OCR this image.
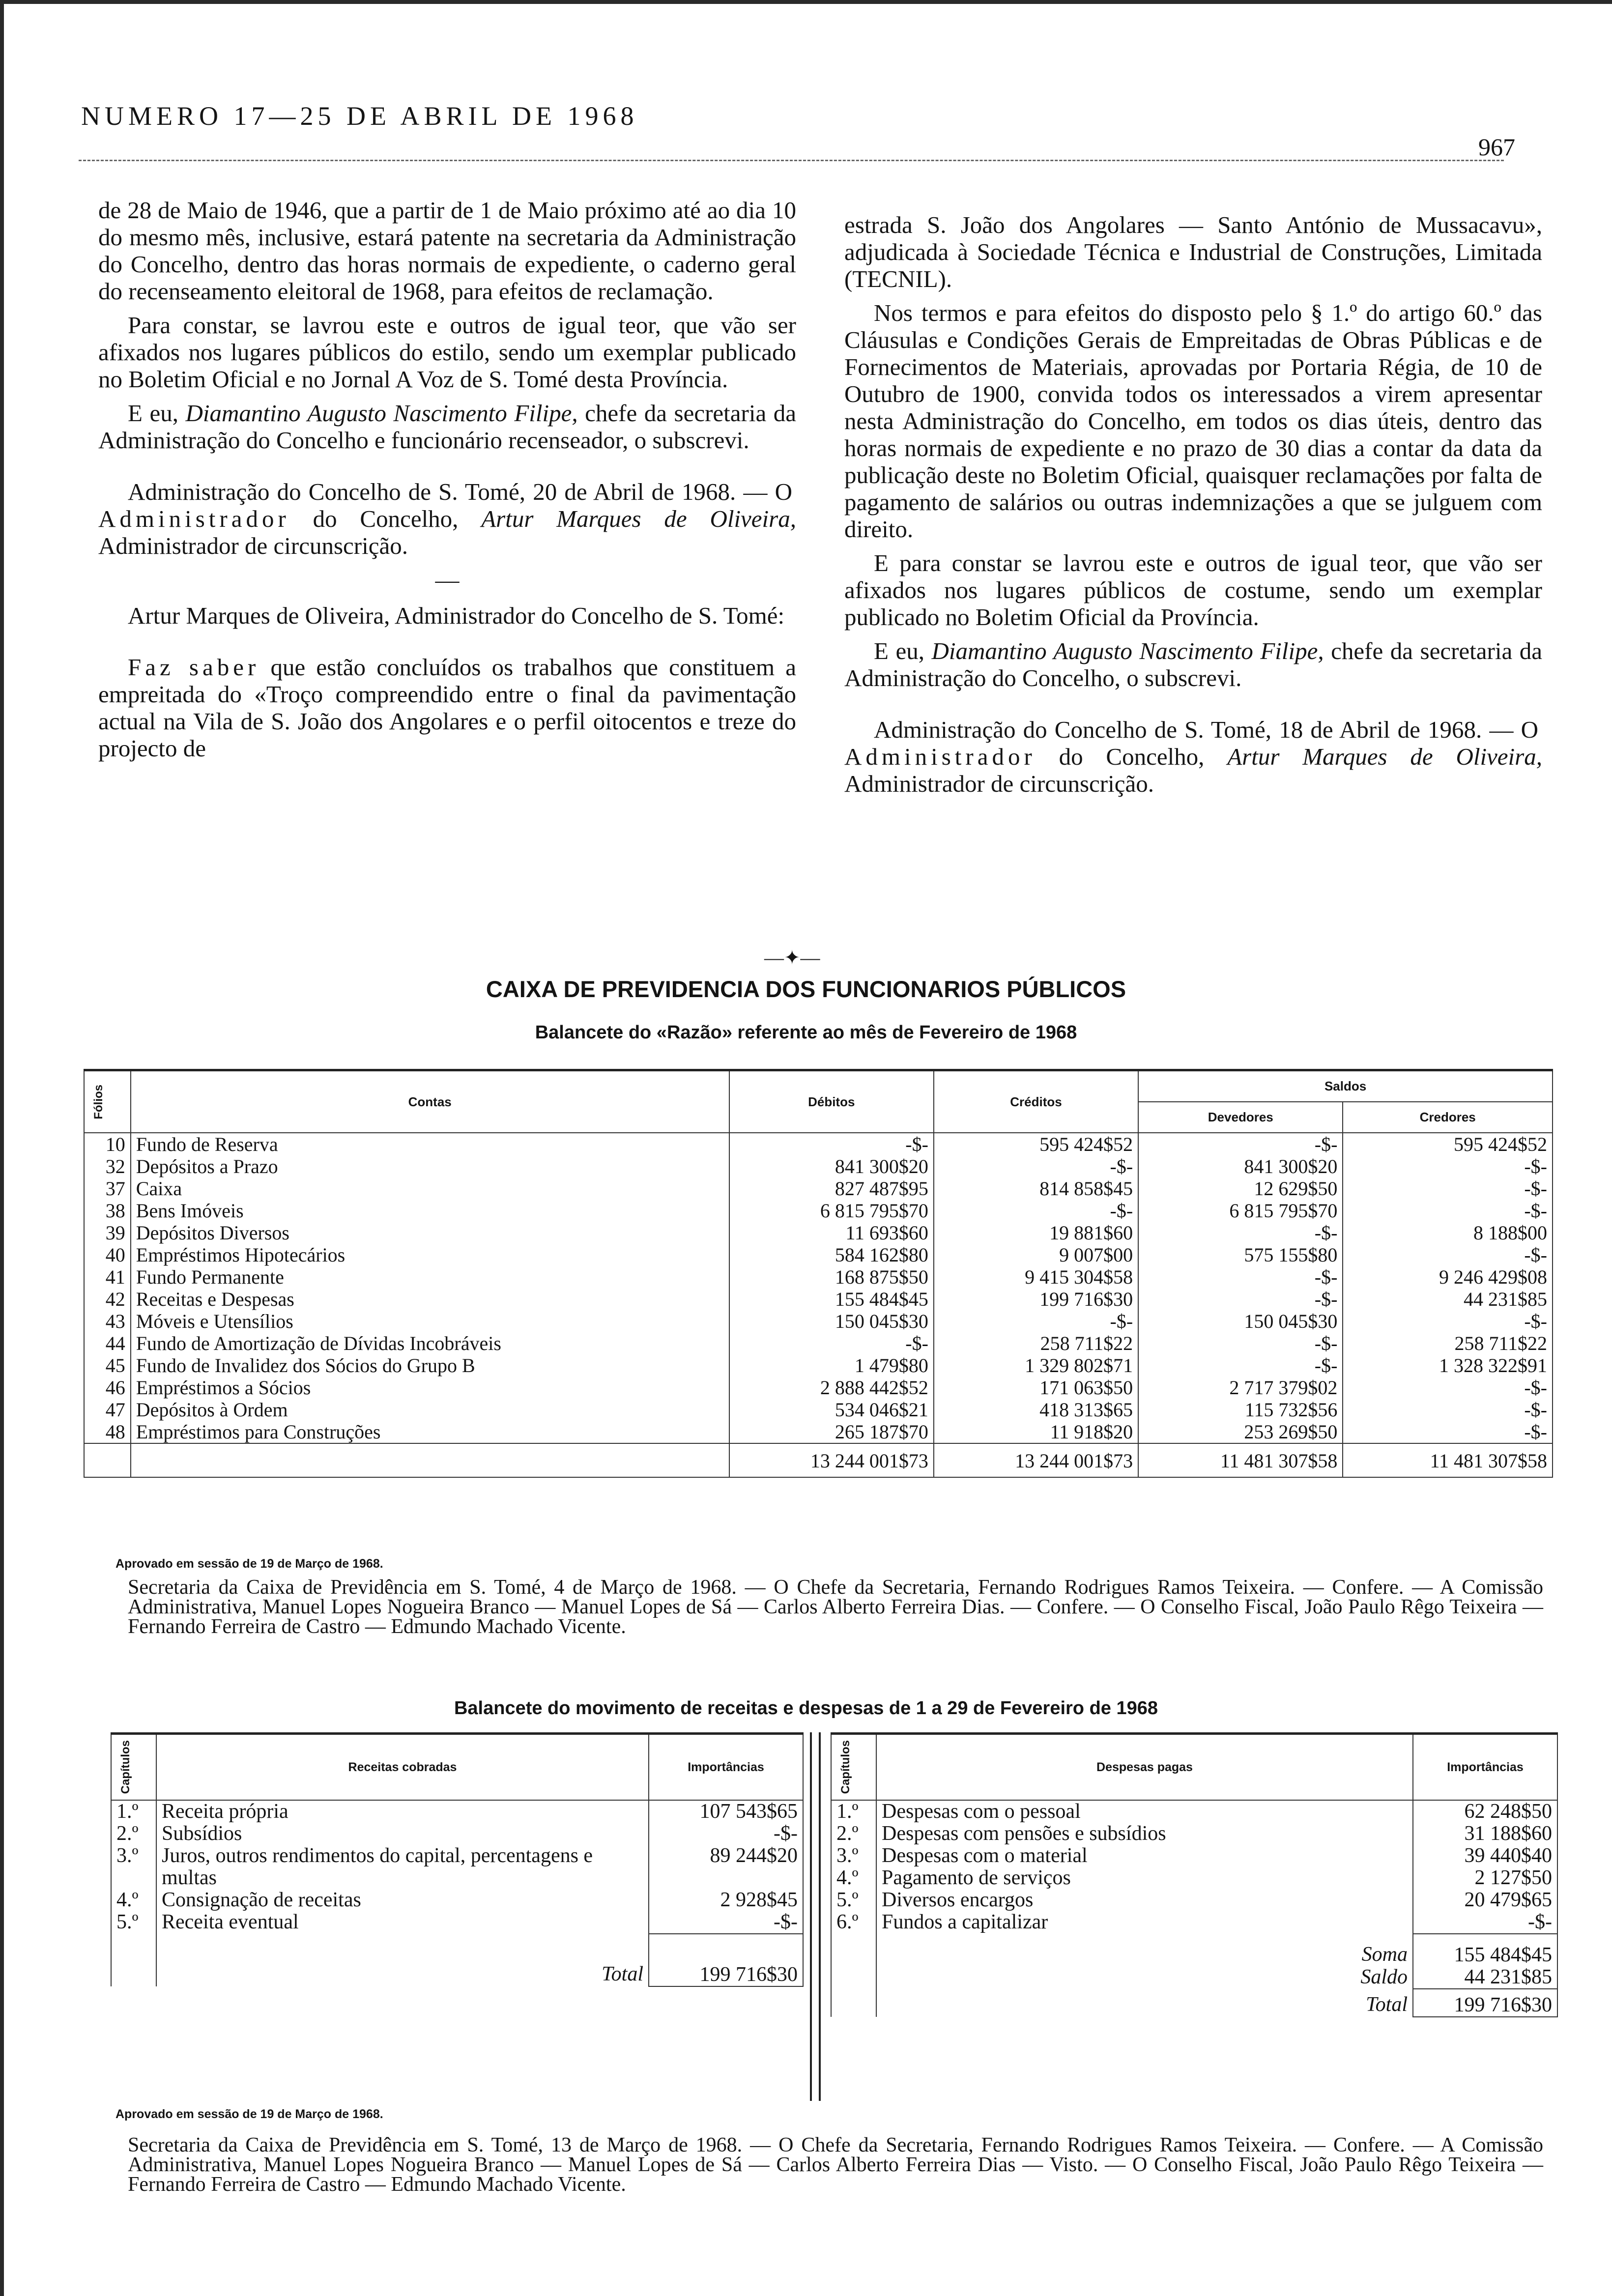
NUMERO 17—25 DE ABRIL DE 1968
967

de 28 de Maio de 1946, que a partir de 1 de Maio próximo até ao dia 10 do mesmo mês, inclusive, estará patente na secretaria da Administração do Concelho, dentro das horas normais de expediente, o caderno geral do recenseamento eleitoral de 1968, para efeitos de reclamação.

Para constar, se lavrou este e outros de igual teor, que vão ser afixados nos lugares públicos do estilo, sendo um exemplar publicado no Boletim Oficial e no Jornal A Voz de S. Tomé desta Província.

E eu, Diamantino Augusto Nascimento Filipe, chefe da secretaria da Administração do Concelho e funcionário recenseador, o subscrevi.

Administração do Concelho de S. Tomé, 20 de Abril de 1968. — O Administrador do Concelho, Artur Marques de Oliveira, Administrador de circunscrição.

—

Artur Marques de Oliveira, Administrador do Concelho de S. Tomé:

Faz saber que estão concluídos os trabalhos que constituem a empreitada do «Troço compreendido entre o final da pavimentação actual na Vila de S. João dos Angolares e o perfil oitocentos e treze do projecto de

estrada S. João dos Angolares — Santo António de Mussacavu», adjudicada à Sociedade Técnica e Industrial de Construções, Limitada (TECNIL).

Nos termos e para efeitos do disposto pelo § 1.º do artigo 60.º das Cláusulas e Condições Gerais de Empreitadas de Obras Públicas e de Fornecimentos de Materiais, aprovadas por Portaria Régia, de 10 de Outubro de 1900, convida todos os interessados a virem apresentar nesta Administração do Concelho, em todos os dias úteis, dentro das horas normais de expediente e no prazo de 30 dias a contar da data da publicação deste no Boletim Oficial, quaisquer reclamações por falta de pagamento de salários ou outras indemnizações a que se julguem com direito.

E para constar se lavrou este e outros de igual teor, que vão ser afixados nos lugares públicos de costume, sendo um exemplar publicado no Boletim Oficial da Província.

E eu, Diamantino Augusto Nascimento Filipe, chefe da secretaria da Administração do Concelho, o subscrevi.

Administração do Concelho de S. Tomé, 18 de Abril de 1968. — O Administrador do Concelho, Artur Marques de Oliveira, Administrador de circunscrição.

—✦—
CAIXA DE PREVIDENCIA DOS FUNCIONARIOS PÚBLICOS
Balancete do «Razão» referente ao mês de Fevereiro de 1968
Fólios	Contas	Débitos	Créditos	Saldos	
				Devedores	Credores
10	Fundo de Reserva	-$-	595 424$52	-$-	595 424$52
32	Depósitos a Prazo	841 300$20	-$-	841 300$20	-$-
37	Caixa	827 487$95	814 858$45	12 629$50	-$-
38	Bens Imóveis	6 815 795$70	-$-	6 815 795$70	-$-
39	Depósitos Diversos	11 693$60	19 881$60	-$-	8 188$00
40	Empréstimos Hipotecários	584 162$80	9 007$00	575 155$80	-$-
41	Fundo Permanente	168 875$50	9 415 304$58	-$-	9 246 429$08
42	Receitas e Despesas	155 484$45	199 716$30	-$-	44 231$85
43	Móveis e Utensílios	150 045$30	-$-	150 045$30	-$-
44	Fundo de Amortização de Dívidas Incobráveis	-$-	258 711$22	-$-	258 711$22
45	Fundo de Invalidez dos Sócios do Grupo B	1 479$80	1 329 802$71	-$-	1 328 322$91
46	Empréstimos a Sócios	2 888 442$52	171 063$50	2 717 379$02	-$-
47	Depósitos à Ordem	534 046$21	418 313$65	115 732$56	-$-
48	Empréstimos para Construções	265 187$70	11 918$20	253 269$50	-$-
		13 244 001$73	13 244 001$73	11 481 307$58	11 481 307$58
Aprovado em sessão de 19 de Março de 1968.
Secretaria da Caixa de Previdência em S. Tomé, 4 de Março de 1968. — O Chefe da Secretaria, Fernando Rodrigues Ramos Teixeira. — Confere. — A Comissão Administrativa, Manuel Lopes Nogueira Branco — Manuel Lopes de Sá — Carlos Alberto Ferreira Dias. — Confere. — O Conselho Fiscal, João Paulo Rêgo Teixeira — Fernando Ferreira de Castro — Edmundo Machado Vicente.
Balancete do movimento de receitas e despesas de 1 a 29 de Fevereiro de 1968
Capítulos	Receitas cobradas	Importâncias
1.º	Receita própria	107 543$65
2.º	Subsídios	-$-
3.º	Juros, outros rendimentos do capital, percentagens e multas	89 244$20
4.º	Consignação de receitas	2 928$45
5.º	Receita eventual	-$-
	Total	199 716$30
Capítulos	Despesas pagas	Importâncias
1.º	Despesas com o pessoal	62 248$50
2.º	Despesas com pensões e subsídios	31 188$60
3.º	Despesas com o material	39 440$40
4.º	Pagamento de serviços	2 127$50
5.º	Diversos encargos	20 479$65
6.º	Fundos a capitalizar	-$-
	Soma	155 484$45
	Saldo	44 231$85
	Total	199 716$30
Aprovado em sessão de 19 de Março de 1968.
Secretaria da Caixa de Previdência em S. Tomé, 13 de Março de 1968. — O Chefe da Secretaria, Fernando Rodrigues Ramos Teixeira. — Confere. — A Comissão Administrativa, Manuel Lopes Nogueira Branco — Manuel Lopes de Sá — Carlos Alberto Ferreira Dias — Visto. — O Conselho Fiscal, João Paulo Rêgo Teixeira — Fernando Ferreira de Castro — Edmundo Machado Vicente.
